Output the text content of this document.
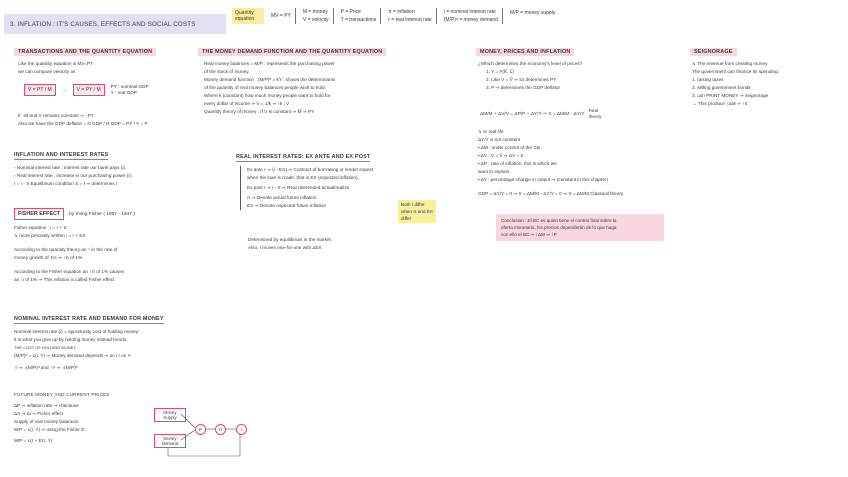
3. INFLATION : IT'S CAUSES, EFFECTS AND SOCIAL COSTS
Quantity equation	MV = PY
M = money
V = velocity
P = Price
T = transactions
π = inflation
r = real interest rate
i = nominal interest rate
(M/P)ᵈ = money demand
M/P = money supply
TRANSACTIONS AND THE QUANTITY EQUATION
Like the quantity equation is MV=PT
we can compute velocity as
V = PT / M	→	V = PY / M
PY : nominal GDP
Y : real GDP
If ↑M and V remains constant ⇒ ↑PT
Also we have the GDP deflator = N GDP / R GDP = PY / Y = P
INFLATION AND INTEREST RATES
- Nominal interest rate : interest rate our bank pays (i).
- Real interest rate : increase in our purchasing power (r).
r = i - π Equilibrium condition S = I ⇒ determines r
FISHER EFFECT	by Irving Fisher ( 1867 - 1947 )
Fisher equation : i = r + π
↳ more precisely written i = r + Eπ
According to the quantity theory an ↑ in the rate of
money growth of 1% ⇒ ↑π of 1%.
According to the Fisher equation an ↑π of 1% causes
an ↑i of 1% ⇒ This relation is called Fisher effect
NOMINAL INTEREST RATE AND DEMAND FOR MONEY
Nominal interest rate (i) = opportunity cost of holding money:
it is what you give up by holding money instead bonds.
THE COST OF HOLDING MONEY
(M/P)ᵈ = L(i, Y) ⇒ Money demand depends ⇒ on i / on Y
↑i ⇒ ↓(M/P)ᵈ and ↑Y ⇒ ↑(M/P)ᵈ
FUTURE MONEY AND CURRENT PRICES
ΔP ⇒ inflation rate ⇒ i because
Δπ ⇒ Δi ⇒ Fisher effect
Supply of real money balances:
M/P = L(i, Y) ⇒ using the Fisher E:
M/P = L(r + Eπ, Y)
Money Supply
Money Demand
P	π	i
THE MONEY DEMAND FUNCTION AND THE QUANTITY EQUATION
Real money balances = M/P : represents the purchasing power
of the stock of money.
Money demand function : (M/P)ᵈ = kY : shows the determinants
of the quantity of real money balances people wish to hold.
Where k (constant) how much money people want to hold for
every dollar of income ⇒ V = 1/k ⇒ ↑k ↓V
Quantity theory of money : If V is constant ⇒ M̅ ⇒ PY
REAL INTEREST RATES: EX ANTE AND EX POST
Ex ante r ⇒ (i - Eπ) ⇒ Contract of borrowing or lender expect
when the loan is made, that is Eπ (expected inflation).
Ex post r ⇒ i - π ⇒ Real rate/ended actual/realize
π ⇒ Denote actual future inflation
Eπ ⇒ Denote expected future inflation	Both r differ
when π and Eπ
differ
Determined by equilibrium in the market.
Also, i moves one-for-one with ΔEπ
MONEY, PRICES AND INFLATION
¿Which determines the economy's level of prices?
1. Y = F(K̅, L̅)
2. Like V = V̅ ⇒ so determines PY
3. P ⇒ determines the GDP deflator
ΔM/M + ΔV/V = ΔP/P + ΔY/Y ⇒ π = ΔM/M - ΔY/Y
Real
theory
↳ In real life
ΔY/Y is not constant
• ΔM : under control of the CB
• ΔV : V = V̅ ⇒ ΔV = 0
• ΔP : rate of inflation, this is which we
want to explain.
• ΔY : percentage change in output ⇒ (constant in this chapter)
GDP = ΔY/Y = 0 ⇒ π = ΔM/M - ΔY/Y = 0 ⇒ π = ΔM/M Classical theory
Conclusion : El BC es quien tiene el control final sobre la
oferta monetaria, los precios dependerán de lo que haga
con ello el BC ⇒ ↑ΔM ⇒ ↑P
SEIGNORAGE
↳ The revenue from creating money
The government can finance its spending:
1. raising taxes
2. selling government bonds
3. can PRINT MONEY ⇒ seignorage
→ This produce ↑ΔM ⇒ ↑π
